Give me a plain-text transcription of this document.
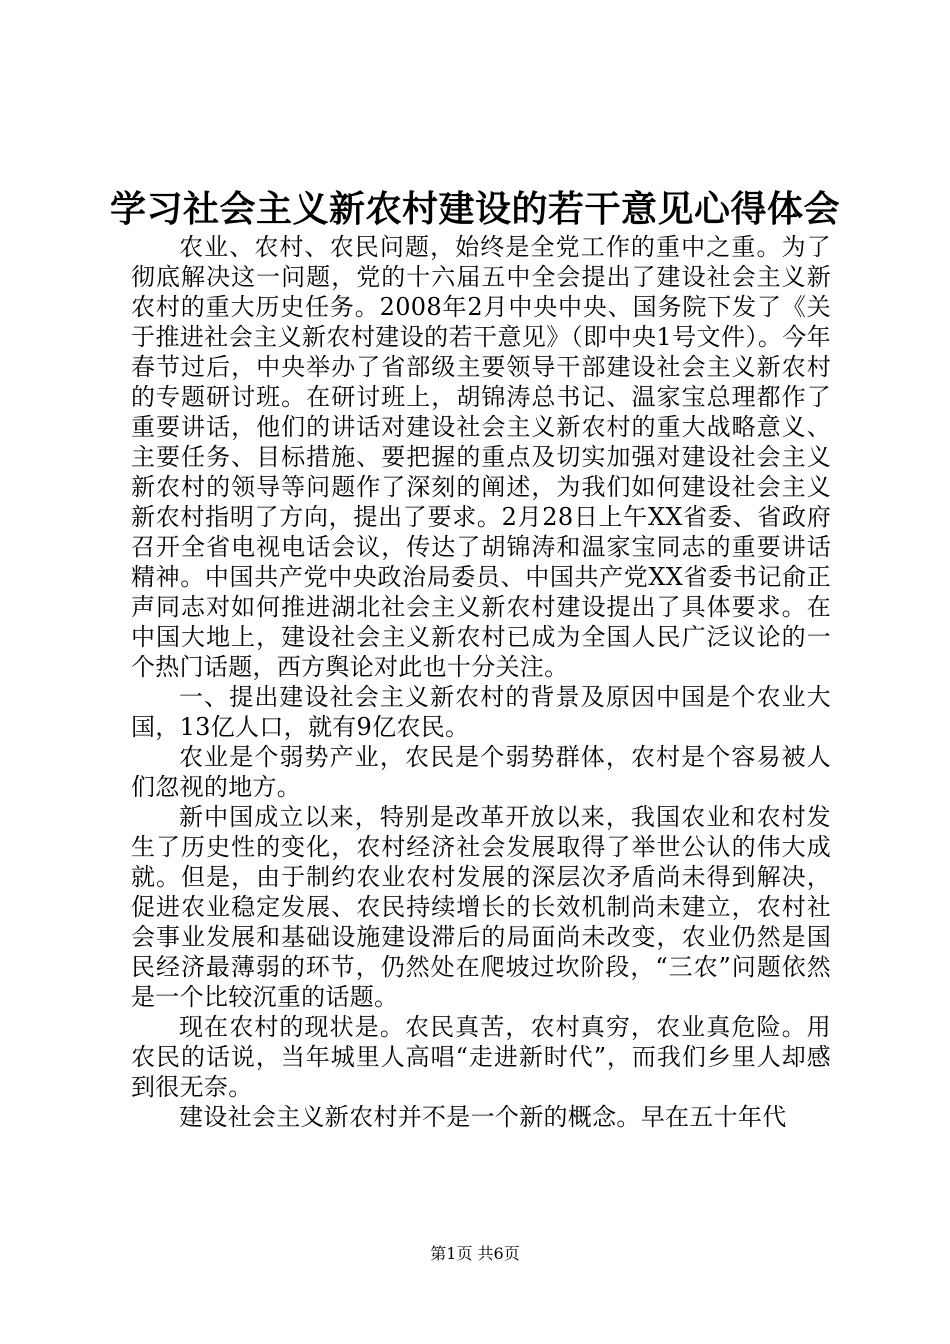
学习社会主义新农村建设的若干意见心得体会

农业、农村、农民问题，始终是全党工作的重中之重。为了彻底解决这一问题，党的十六届五中全会提出了建设社会主义新农村的重大历史任务。2008年2月中央中央、国务院下发了《关于推进社会主义新农村建设的若干意见》（即中央1号文件）。今年春节过后，中央举办了省部级主要领导干部建设社会主义新农村的专题研讨班。在研讨班上，胡锦涛总书记、温家宝总理都作了重要讲话，他们的讲话对建设社会主义新农村的重大战略意义、主要任务、目标措施、要把握的重点及切实加强对建设社会主义新农村的领导等问题作了深刻的阐述，为我们如何建设社会主义新农村指明了方向，提出了要求。2月28日上午XX省委、省政府召开全省电视电话会议，传达了胡锦涛和温家宝同志的重要讲话精神。中国共产党中央政治局委员、中国共产党XX省委书记俞正声同志对如何推进湖北社会主义新农村建设提出了具体要求。在中国大地上，建设社会主义新农村已成为全国人民广泛议论的一个热门话题，西方舆论对此也十分关注。

一、提出建设社会主义新农村的背景及原因中国是个农业大国，13亿人口，就有9亿农民。

农业是个弱势产业，农民是个弱势群体，农村是个容易被人们忽视的地方。

新中国成立以来，特别是改革开放以来，我国农业和农村发生了历史性的变化，农村经济社会发展取得了举世公认的伟大成就。但是，由于制约农业农村发展的深层次矛盾尚未得到解决，促进农业稳定发展、农民持续增长的长效机制尚未建立，农村社会事业发展和基础设施建设滞后的局面尚未改变，农业仍然是国民经济最薄弱的环节，仍然处在爬坡过坎阶段，“三农”问题依然是一个比较沉重的话题。

现在农村的现状是。农民真苦，农村真穷，农业真危险。用农民的话说，当年城里人高唱“走进新时代”，而我们乡里人却感到很无奈。

建设社会主义新农村并不是一个新的概念。早在五十年代

第1页 共6页
